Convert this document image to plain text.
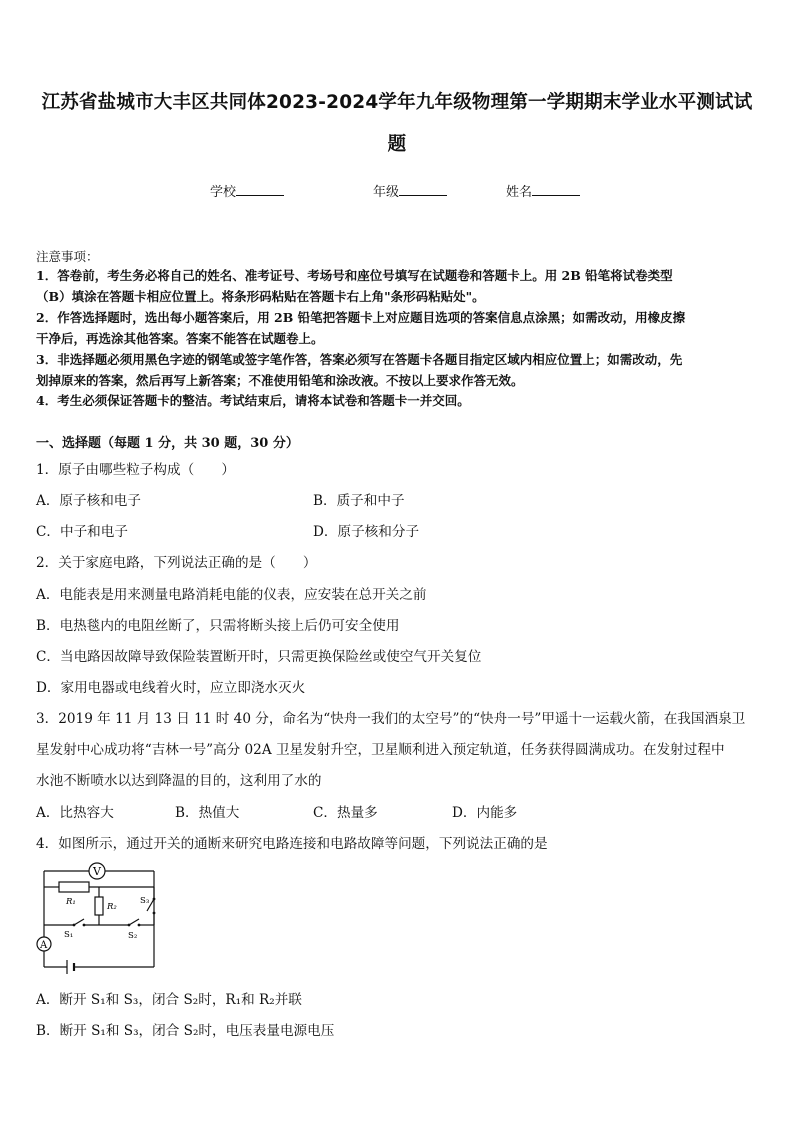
江苏省盐城市大丰区共同体2023-2024学年九年级物理第一学期期末学业水平测试试
题
学校	年级	姓名
注意事项：
1．答卷前，考生务必将自己的姓名、准考证号、考场号和座位号填写在试题卷和答题卡上。用 2B 铅笔将试卷类型
（B）填涂在答题卡相应位置上。将条形码粘贴在答题卡右上角"条形码粘贴处"。
2．作答选择题时，选出每小题答案后，用 2B 铅笔把答题卡上对应题目选项的答案信息点涂黑；如需改动，用橡皮擦
干净后，再选涂其他答案。答案不能答在试题卷上。
3．非选择题必须用黑色字迹的钢笔或签字笔作答，答案必须写在答题卡各题目指定区域内相应位置上；如需改动，先
划掉原来的答案，然后再写上新答案；不准使用铅笔和涂改液。不按以上要求作答无效。
4．考生必须保证答题卡的整洁。考试结束后，请将本试卷和答题卡一并交回。
一、选择题（每题 1 分，共 30 题，30 分）
1．原子由哪些粒子构成（　　）
A．原子核和电子	B．质子和中子
C．中子和电子	D．原子核和分子
2．关于家庭电路，下列说法正确的是（　　）
A．电能表是用来测量电路消耗电能的仪表，应安装在总开关之前
B．电热毯内的电阻丝断了，只需将断头接上后仍可安全使用
C．当电路因故障导致保险装置断开时，只需更换保险丝或使空气开关复位
D．家用电器或电线着火时，应立即浇水灭火
3．2019 年 11 月 13 日 11 时 40 分，命名为“快舟一我们的太空号”的“快舟一号”甲遥十一运载火箭，在我国酒泉卫
星发射中心成功将“吉林一号”高分 02A 卫星发射升空，卫星顺利进入预定轨道，任务获得圆满成功。在发射过程中
水池不断喷水以达到降温的目的，这利用了水的
A．比热容大	B．热值大	C．热量多	D．内能多
4．如图所示，通过开关的通断来研究电路连接和电路故障等问题，下列说法正确的是
V
R₁	R₂
S₃
S₁	S₂
A
A．断开 S₁和 S₃，闭合 S₂时，R₁和 R₂并联
B．断开 S₁和 S₃，闭合 S₂时，电压表量电源电压
